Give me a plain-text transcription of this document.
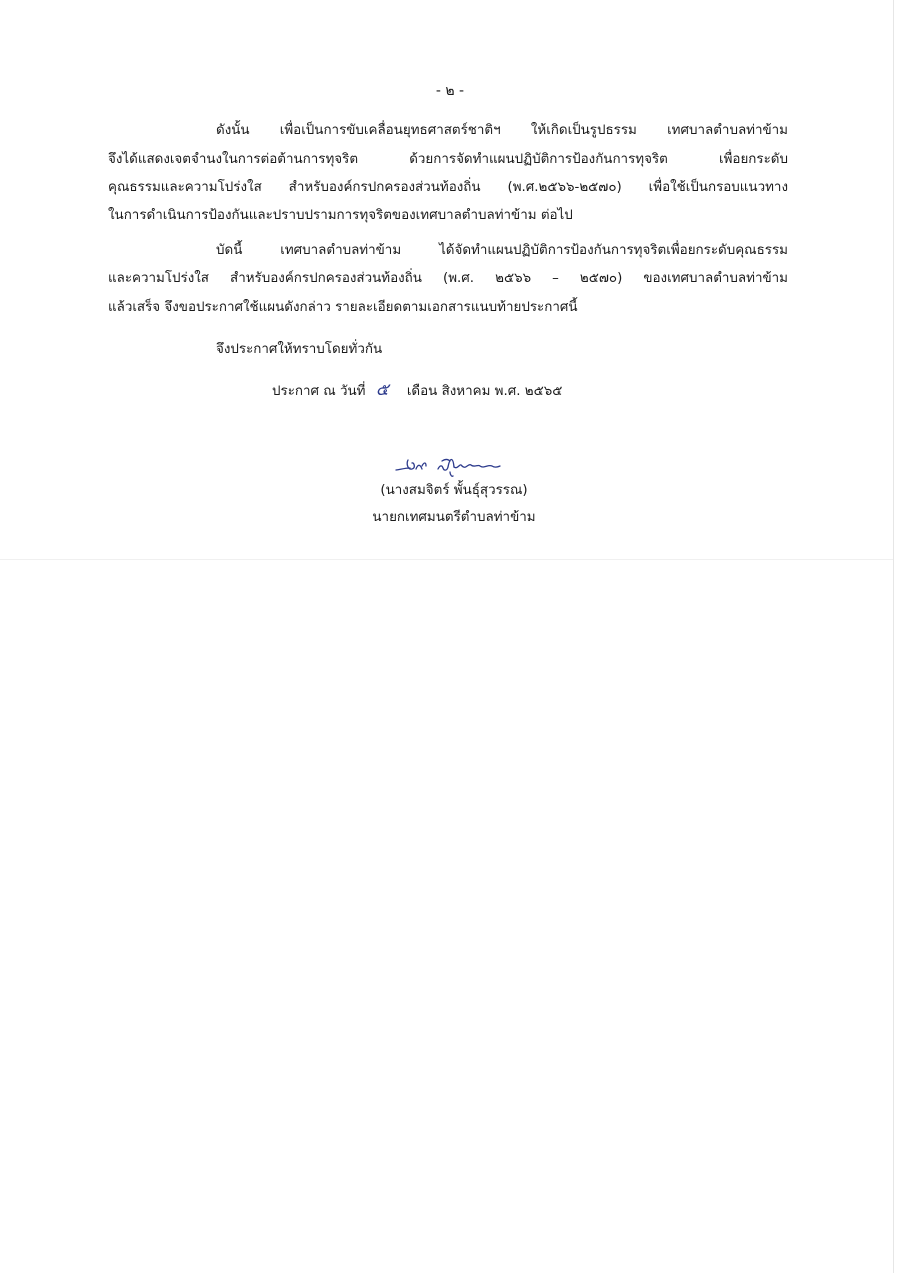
- ๒ -
ดังนั้น เพื่อเป็นการขับเคลื่อนยุทธศาสตร์ชาติฯ ให้เกิดเป็นรูปธรรม เทศบาลตำบลท่าข้าม
จึงได้แสดงเจตจำนงในการต่อต้านการทุจริต ด้วยการจัดทำแผนปฏิบัติการป้องกันการทุจริต เพื่อยกระดับ
คุณธรรมและความโปร่งใส สำหรับองค์กรปกครองส่วนท้องถิ่น (พ.ศ.๒๕๖๖-๒๕๗๐) เพื่อใช้เป็นกรอบแนวทาง
ในการดำเนินการป้องกันและปราบปรามการทุจริตของเทศบาลตำบลท่าข้าม ต่อไป
บัดนี้ เทศบาลตำบลท่าข้าม ได้จัดทำแผนปฏิบัติการป้องกันการทุจริตเพื่อยกระดับคุณธรรม
และความโปร่งใส สำหรับองค์กรปกครองส่วนท้องถิ่น (พ.ศ. ๒๕๖๖ – ๒๕๗๐) ของเทศบาลตำบลท่าข้าม
แล้วเสร็จ จึงขอประกาศใช้แผนดังกล่าว รายละเอียดตามเอกสารแนบท้ายประกาศนี้
จึงประกาศให้ทราบโดยทั่วกัน
ประกาศ ณ วันที่ ๕ เดือน สิงหาคม พ.ศ. ๒๕๖๕
(นางสมจิตร์ พั้นธุ์สุวรรณ)
นายกเทศมนตรีตำบลท่าข้าม
